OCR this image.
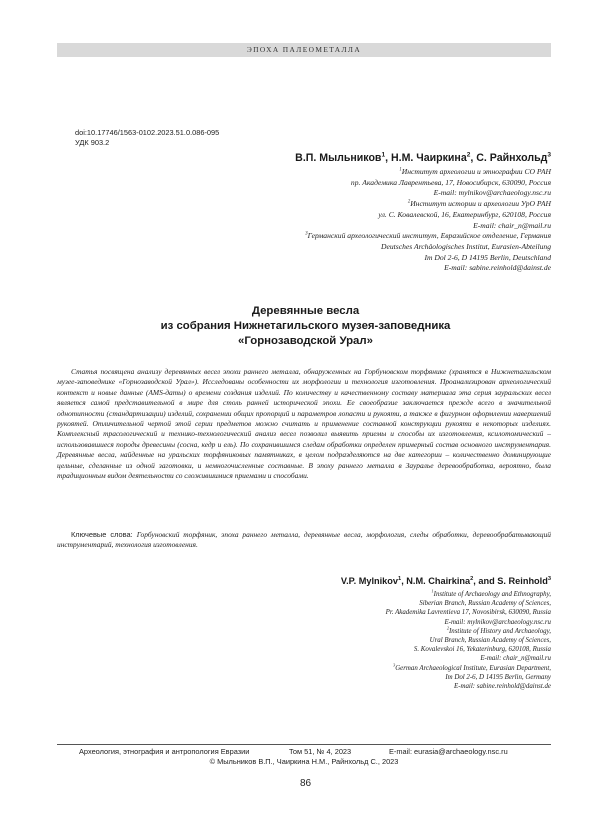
ЭПОХА ПАЛЕОМЕТАЛЛА
doi:10.17746/1563-0102.2023.51.0.086-095
УДК 903.2
В.П. Мыльников$^1$, Н.М. Чаиркина$^2$, С. Райнхольд$^3$
$^1$Институт археологии и этнографии СО РАН
пр. Академика Лаврентьева, 17, Новосибирск, 630090, Россия
E-mail: mylnikov@archaeology.nsc.ru
$^2$Институт истории и археологии УрО РАН
ул. С. Ковалевской, 16, Екатеринбург, 620108, Россия
E-mail: chair_n@mail.ru
$^3$Германский археологический институт, Евразийское отделение, Германия
Deutsches Archäologisches Institut, Eurasien-Abteilung
Im Dol 2-6, D 14195 Berlin, Deutschland
E-mail: sabine.reinhold@dainst.de
Деревянные весла
из собрания Нижнетагильского музея-заповедника
«Горнозаводской Урал»
Статья посвящена анализу деревянных весел эпохи раннего металла, обнаруженных на Горбуновском торфянике (хранятся в Нижнетагильском музее-заповеднике «Горнозаводской Урал»). Исследованы особенности их морфологии и технология изготовления. Проанализирован археологический контекст и новые данные (AMS-даты) о времени создания изделий. По количеству и качественному составу материала эта серия зауральских весел является самой представительной в мире для столь ранней исторической эпохи. Ее своеобразие заключается прежде всего в значительной однотипности (стандартизации) изделий, сохранении общих пропорций и параметров лопасти и рукояти, а также в фигурном оформлении навершений рукоятей. Отличительной чертой этой серии предметов можно считать и применение составной конструкции рукояти в некоторых изделиях. Комплексный трасологический и технико-технологический анализ весел позволил выявить приемы и способы их изготовления, ксилотомический – использовавшиеся породы древесины (сосна, кедр и ель). По сохранившимся следам обработки определен примерный состав основного инструментария. Деревянные весла, найденные на уральских торфяниковых памятниках, в целом подразделяются на две категории – количественно доминирующие цельные, сделанные из одной заготовки, и немногочисленные составные. В эпоху раннего металла в Зауралье деревообработка, вероятно, была традиционным видом деятельности со сложившимися приемами и способами.
Ключевые слова: Горбуновский торфяник, эпоха раннего металла, деревянные весла, морфология, следы обработки, деревообрабатывающий инструментарий, технология изготовления.
V.P. Mylnikov$^1$, N.M. Chairkina$^2$, and S. Reinhold$^3$
$^1$Institute of Archaeology and Ethnography,
Siberian Branch, Russian Academy of Sciences,
Pr. Akademika Lavrentieva 17, Novosibirsk, 630090, Russia
E-mail: mylnikov@archaeology.nsc.ru
$^2$Institute of History and Archaeology,
Ural Branch, Russian Academy of Sciences,
S. Kovalevskoi 16, Yekaterinburg, 620108, Russia
E-mail: chair_n@mail.ru
$^3$German Archaeological Institute, Eurasian Department,
Im Dol 2-6, D 14195 Berlin, Germany
E-mail: sabine.reinhold@dainst.de
Археология, этнография и антропология Евразии	Том 51, № 4, 2023	E-mail: eurasia@archaeology.nsc.ru
© Мыльников В.П., Чаиркина Н.М., Райнхольд С., 2023
86
